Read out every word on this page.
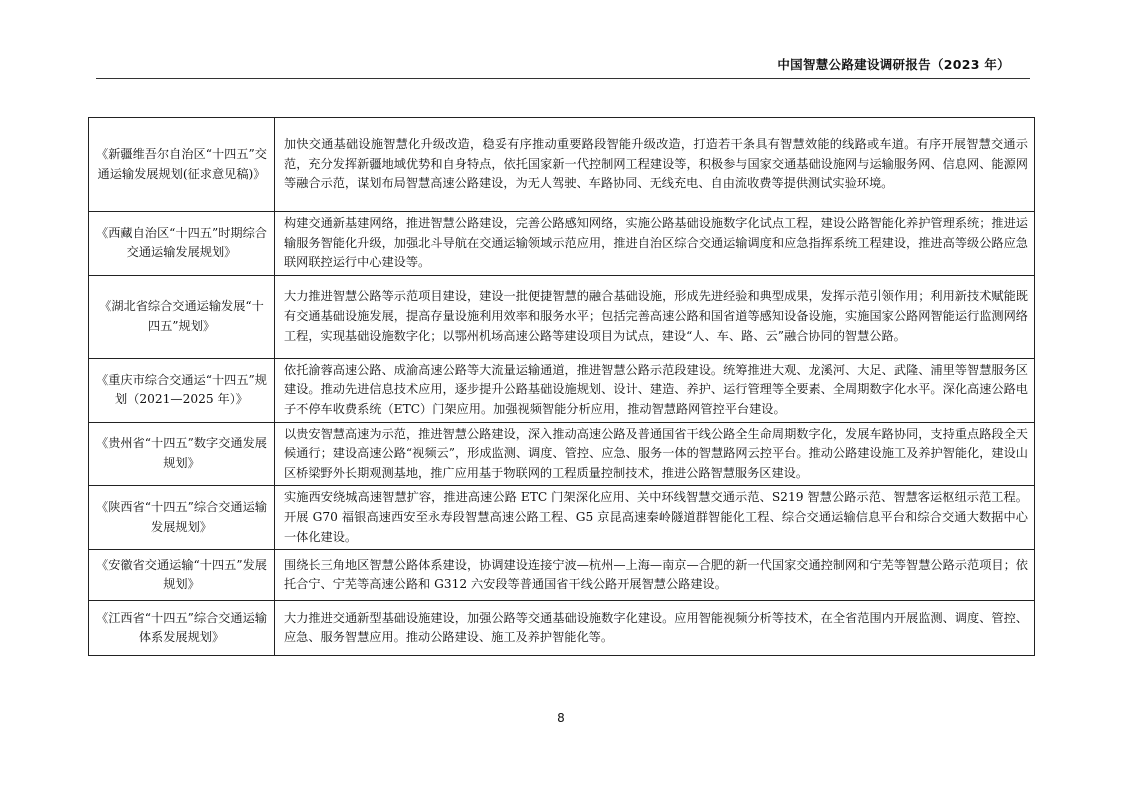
中国智慧公路建设调研报告（2023 年）
《新疆维吾尔自治区“十四五”交通运输发展规划(征求意见稿)》	加快交通基础设施智慧化升级改造，稳妥有序推动重要路段智能升级改造，打造若干条具有智慧效能的线路或车道。有序开展智慧交通示范，充分发挥新疆地域优势和自身特点，依托国家新一代控制网工程建设等，积极参与国家交通基础设施网与运输服务网、信息网、能源网等融合示范，谋划布局智慧高速公路建设，为无人驾驶、车路协同、无线充电、自由流收费等提供测试实验环境。
《西藏自治区“十四五”时期综合交通运输发展规划》	构建交通新基建网络，推进智慧公路建设，完善公路感知网络，实施公路基础设施数字化试点工程，建设公路智能化养护管理系统；推进运输服务智能化升级，加强北斗导航在交通运输领域示范应用，推进自治区综合交通运输调度和应急指挥系统工程建设，推进高等级公路应急联网联控运行中心建设等。
《湖北省综合交通运输发展“十四五”规划》	大力推进智慧公路等示范项目建设，建设一批便捷智慧的融合基础设施，形成先进经验和典型成果，发挥示范引领作用；利用新技术赋能既有交通基础设施发展，提高存量设施利用效率和服务水平；包括完善高速公路和国省道等感知设备设施，实施国家公路网智能运行监测网络工程，实现基础设施数字化；以鄂州机场高速公路等建设项目为试点，建设“人、车、路、云”融合协同的智慧公路。
《重庆市综合交通运“十四五”规划（2021—2025 年）》	依托渝蓉高速公路、成渝高速公路等大流量运输通道，推进智慧公路示范段建设。统筹推进大观、龙溪河、大足、武隆、浦里等智慧服务区建设。推动先进信息技术应用，逐步提升公路基础设施规划、设计、建造、养护、运行管理等全要素、全周期数字化水平。深化高速公路电子不停车收费系统（ETC）门架应用。加强视频智能分析应用，推动智慧路网管控平台建设。
《贵州省“十四五”数字交通发展规划》	以贵安智慧高速为示范，推进智慧公路建设，深入推动高速公路及普通国省干线公路全生命周期数字化，发展车路协同，支持重点路段全天候通行；建设高速公路“视频云”，形成监测、调度、管控、应急、服务一体的智慧路网云控平台。推动公路建设施工及养护智能化，建设山区桥梁野外长期观测基地，推广应用基于物联网的工程质量控制技术，推进公路智慧服务区建设。
《陕西省“十四五”综合交通运输发展规划》	实施西安绕城高速智慧扩容，推进高速公路 ETC 门架深化应用、关中环线智慧交通示范、S219 智慧公路示范、智慧客运枢纽示范工程。开展 G70 福银高速西安至永寿段智慧高速公路工程、G5 京昆高速秦岭隧道群智能化工程、综合交通运输信息平台和综合交通大数据中心一体化建设。
《安徽省交通运输“十四五”发展规划》	围绕长三角地区智慧公路体系建设，协调建设连接宁波—杭州—上海—南京—合肥的新一代国家交通控制网和宁芜等智慧公路示范项目；依托合宁、宁芜等高速公路和 G312 六安段等普通国省干线公路开展智慧公路建设。
《江西省“十四五”综合交通运输体系发展规划》	大力推进交通新型基础设施建设，加强公路等交通基础设施数字化建设。应用智能视频分析等技术，在全省范围内开展监测、调度、管控、应急、服务智慧应用。推动公路建设、施工及养护智能化等。
8
